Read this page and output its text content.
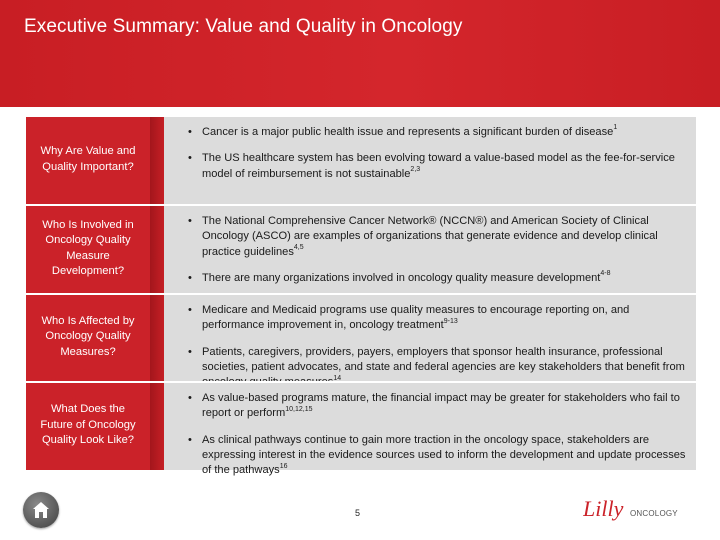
Executive Summary: Value and Quality in Oncology
Why Are Value and Quality Important?
• Cancer is a major public health issue and represents a significant burden of disease$^1$
• The US healthcare system has been evolving toward a value-based model as the fee-for-service model of reimbursement is not sustainable$^{2,3}$
Who Is Involved in Oncology Quality Measure Development?
• The National Comprehensive Cancer Network® (NCCN®) and American Society of Clinical Oncology (ASCO) are examples of organizations that generate evidence and develop clinical practice guidelines$^{4,5}$
• There are many organizations involved in oncology quality measure development$^{4-8}$
Who Is Affected by Oncology Quality Measures?
• Medicare and Medicaid programs use quality measures to encourage reporting on, and performance improvement in, oncology treatment$^{9-13}$
• Patients, caregivers, providers, payers, employers that sponsor health insurance, professional societies, patient advocates, and state and federal agencies are key stakeholders that benefit from $^{14}$
What Does the Future of Oncology Quality Look Like?
• As value-based programs mature, the financial impact may be greater for stakeholders who fail to report or perform$^{10,12,15}$
• As clinical pathways continue to gain more traction in the oncology space, stakeholders are expressing interest in the evidence sources used to inform the development and update processes of the pathways$^{16}$
5	Lilly ONCOLOGY
